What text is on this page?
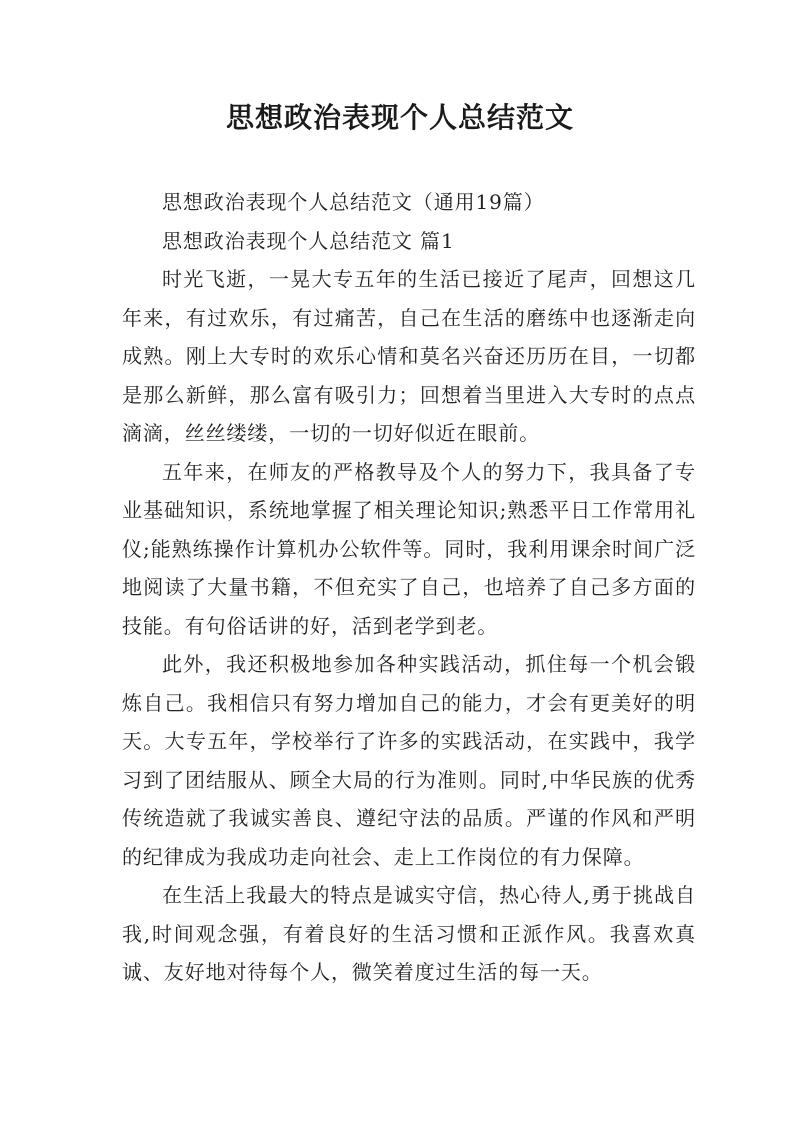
思想政治表现个人总结范文

思想政治表现个人总结范文（通用19篇）

思想政治表现个人总结范文 篇1

时光飞逝，一晃大专五年的生活已接近了尾声，回想这几年来，有过欢乐，有过痛苦，自己在生活的磨练中也逐渐走向成熟。刚上大专时的欢乐心情和莫名兴奋还历历在目，一切都是那么新鲜，那么富有吸引力；回想着当里进入大专时的点点滴滴，丝丝缕缕，一切的一切好似近在眼前。

五年来，在师友的严格教导及个人的努力下，我具备了专业基础知识，系统地掌握了相关理论知识;熟悉平日工作常用礼仪;能熟练操作计算机办公软件等。同时，我利用课余时间广泛地阅读了大量书籍，不但充实了自己，也培养了自己多方面的技能。有句俗话讲的好，活到老学到老。

此外，我还积极地参加各种实践活动，抓住每一个机会锻炼自己。我相信只有努力增加自己的能力，才会有更美好的明天。大专五年，学校举行了许多的实践活动，在实践中，我学习到了团结服从、顾全大局的行为准则。同时,中华民族的优秀传统造就了我诚实善良、遵纪守法的品质。严谨的作风和严明的纪律成为我成功走向社会、走上工作岗位的有力保障。

在生活上我最大的特点是诚实守信，热心待人,勇于挑战自我,时间观念强，有着良好的生活习惯和正派作风。我喜欢真诚、友好地对待每个人，微笑着度过生活的每一天。
